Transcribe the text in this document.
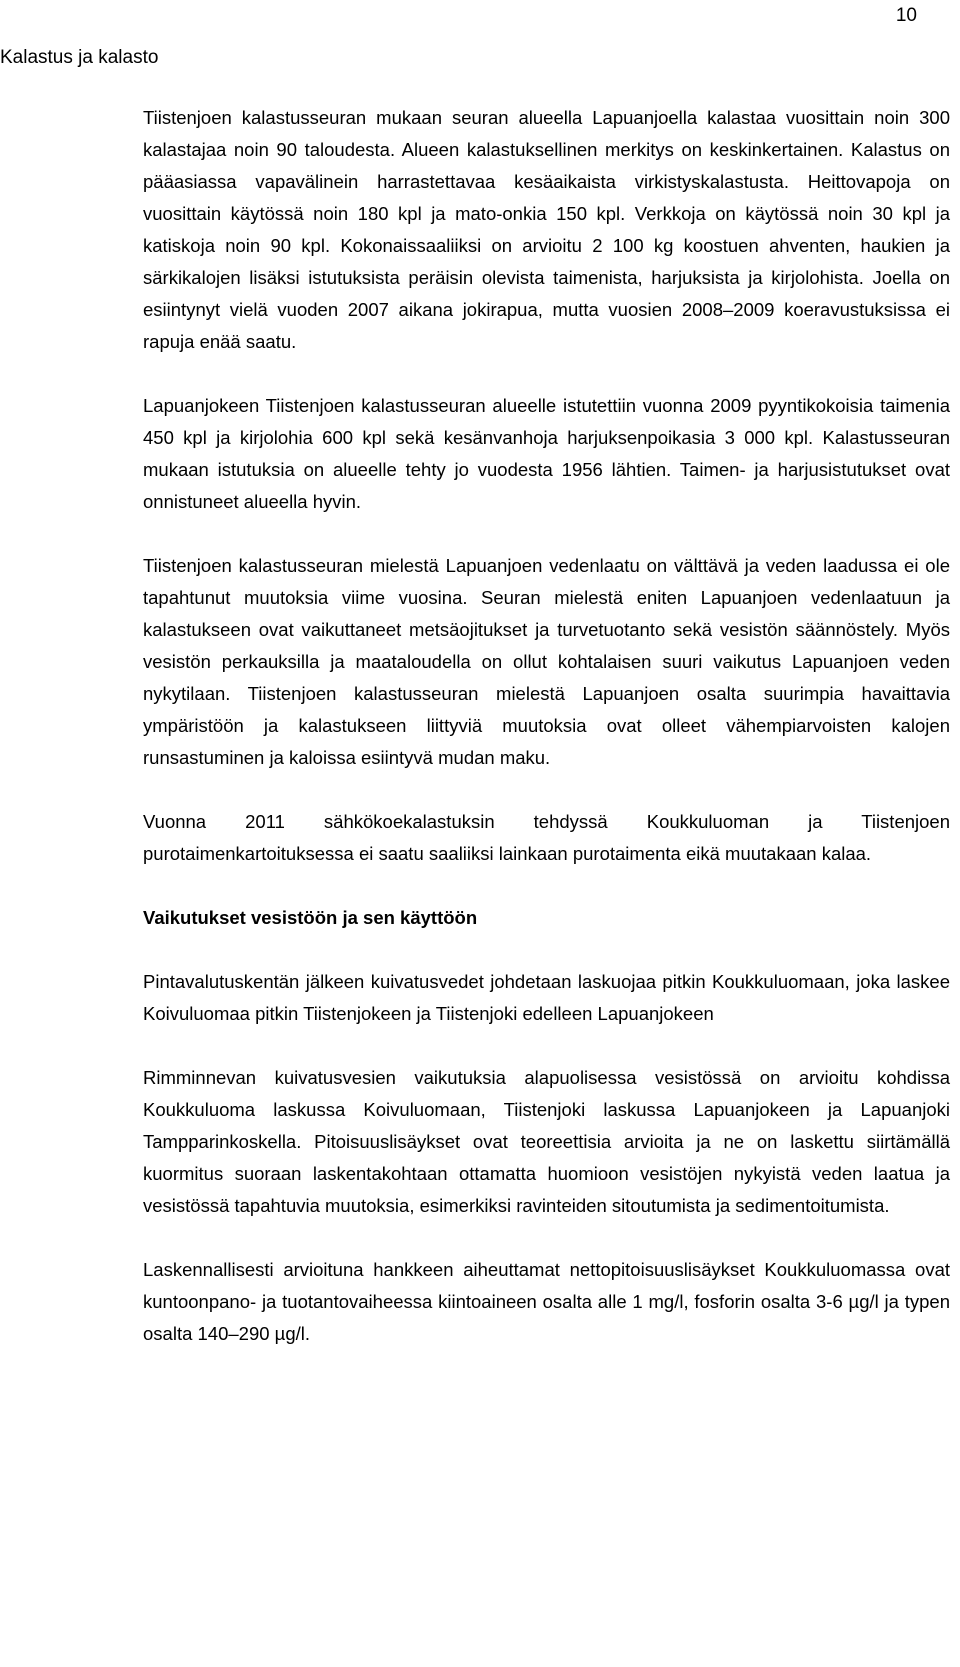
10
Kalastus ja kalasto

Tiistenjoen kalastusseuran mukaan seuran alueella Lapuanjoella kalastaa vuosittain noin 300 kalastajaa noin 90 taloudesta. Alueen kalastuksellinen merkitys on keskinkertainen. Kalastus on pääasiassa vapavälinein harrastettavaa kesäaikaista virkistyskalastusta. Heittovapoja on vuosittain käytössä noin 180 kpl ja mato-onkia 150 kpl. Verkkoja on käytössä noin 30 kpl ja katiskoja noin 90 kpl. Kokonaissaaliiksi on arvioitu 2 100 kg koostuen ahventen, haukien ja särkikalojen lisäksi istutuksista peräisin olevista taimenista, harjuksista ja kirjolohista. Joella on esiintynyt vielä vuoden 2007 aikana jokirapua, mutta vuosien 2008–2009 koeravustuksissa ei rapuja enää saatu.

Lapuanjokeen Tiistenjoen kalastusseuran alueelle istutettiin vuonna 2009 pyyntikokoisia taimenia 450 kpl ja kirjolohia 600 kpl sekä kesänvanhoja harjuksenpoikasia 3 000 kpl. Kalastusseuran mukaan istutuksia on alueelle tehty jo vuodesta 1956 lähtien. Taimen- ja harjusistutukset ovat onnistuneet alueella hyvin.

Tiistenjoen kalastusseuran mielestä Lapuanjoen vedenlaatu on välttävä ja veden laadussa ei ole tapahtunut muutoksia viime vuosina. Seuran mielestä eniten Lapuanjoen vedenlaatuun ja kalastukseen ovat vaikuttaneet metsäojitukset ja turvetuotanto sekä vesistön säännöstely. Myös vesistön perkauksilla ja maataloudella on ollut kohtalaisen suuri vaikutus Lapuanjoen veden nykytilaan. Tiistenjoen kalastusseuran mielestä Lapuanjoen osalta suurimpia havaittavia ympäristöön ja kalastukseen liittyviä muutoksia ovat olleet vähempiarvoisten kalojen runsastuminen ja kaloissa esiintyvä mudan maku.

Vuonna 2011 sähkökoekalastuksin tehdyssä Koukkuluoman ja Tiistenjoen purotaimenkartoituksessa ei saatu saaliiksi lainkaan purotaimenta eikä muutakaan kalaa.

Vaikutukset vesistöön ja sen käyttöön

Pintavalutuskentän jälkeen kuivatusvedet johdetaan laskuojaa pitkin Koukkuluomaan, joka laskee Koivuluomaa pitkin Tiistenjokeen ja Tiistenjoki edelleen Lapuanjokeen

Rimminnevan kuivatusvesien vaikutuksia alapuolisessa vesistössä on arvioitu kohdissa Koukkuluoma laskussa Koivuluomaan, Tiistenjoki laskussa Lapuanjokeen ja Lapuanjoki Tampparinkoskella. Pitoisuuslisäykset ovat teoreettisia arvioita ja ne on laskettu siirtämällä kuormitus suoraan laskentakohtaan ottamatta huomioon vesistöjen nykyistä veden laatua ja vesistössä tapahtuvia muutoksia, esimerkiksi ravinteiden sitoutumista ja sedimentoitumista.

Laskennallisesti arvioituna hankkeen aiheuttamat nettopitoisuuslisäykset Koukkuluomassa ovat kuntoonpano- ja tuotantovaiheessa kiintoaineen osalta alle 1 mg/l, fosforin osalta 3-6 µg/l ja typen osalta 140–290 µg/l.
